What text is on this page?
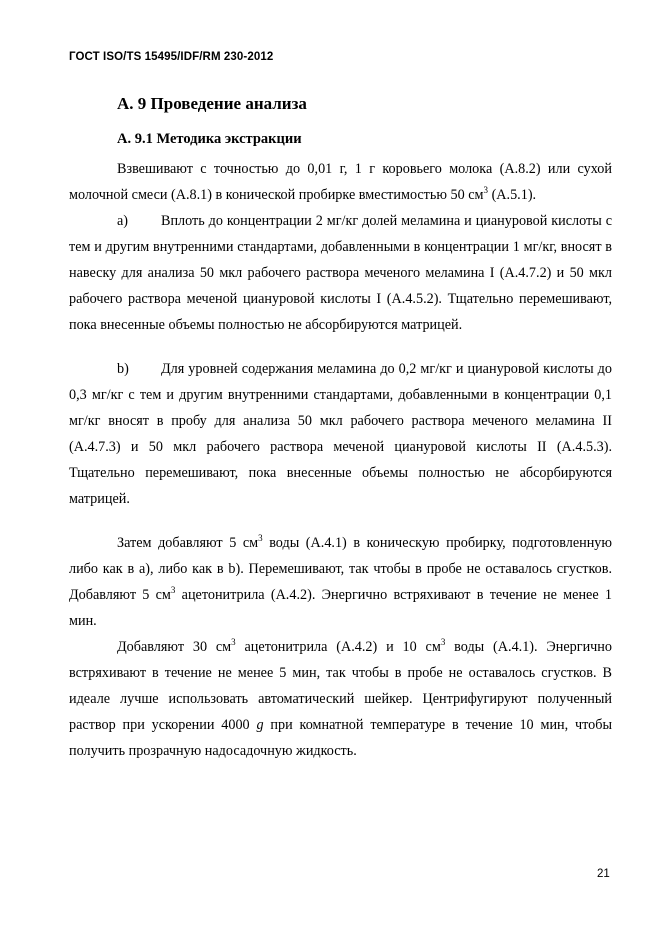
ГОСТ ISO/TS 15495/IDF/RM 230-2012
А. 9 Проведение анализа
А. 9.1 Методика экстракции

Взвешивают с точностью до 0,01 г, 1 г коровьего молока (А.8.2) или сухой молочной смеси (А.8.1) в конической пробирке вместимостью 50 $см^3$ (А.5.1).

a) Вплоть до концентрации 2 мг/кг долей меламина и циануровой кислоты с тем и другим внутренними стандартами, добавленными в концентрации 1 мг/кг, вносят в навеску для анализа 50 мкл рабочего раствора меченого меламина I (А.4.7.2) и 50 мкл рабочего раствора меченой циануровой кислоты I (А.4.5.2). Тщательно перемешивают, пока внесенные объемы полностью не абсорбируются матрицей.

b) Для уровней содержания меламина до 0,2 мг/кг и циануровой кислоты до 0,3 мг/кг с тем и другим внутренними стандартами, добавленными в концентрации 0,1 мг/кг вносят в пробу для анализа 50 мкл рабочего раствора меченого меламина II (А.4.7.3) и 50 мкл рабочего раствора меченой циануровой кислоты II (А.4.5.3). Тщательно перемешивают, пока внесенные объемы полностью не абсорбируются матрицей.

Затем добавляют 5 $см^3$ воды (А.4.1) в коническую пробирку, подготовленную либо как в a), либо как в b). Перемешивают, так чтобы в пробе не оставалось сгустков. Добавляют 5 $см^3$ ацетонитрила (А.4.2). Энергично встряхивают в течение не менее 1 мин.

Добавляют 30 $см^3$ ацетонитрила (А.4.2) и 10 $см^3$ воды (А.4.1). Энергично встряхивают в течение не менее 5 мин, так чтобы в пробе не оставалось сгустков. В идеале лучше использовать автоматический шейкер. Центрифугируют полученный раствор при ускорении 4000 g при комнатной температуре в течение 10 мин, чтобы получить прозрачную надосадочную жидкость.

21
